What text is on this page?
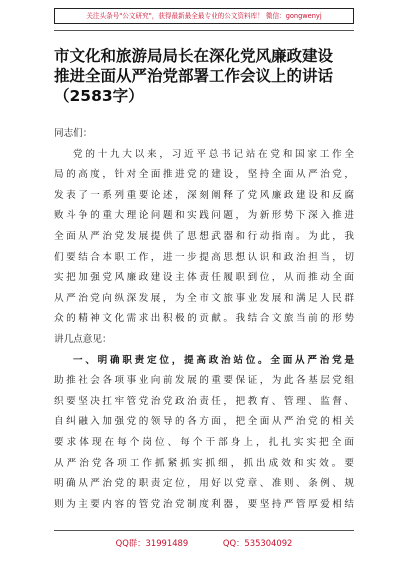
关注头条号"公文研究"，获得最新最全最专业的公文资料库！ 微信：gongwenyj
市文化和旅游局局长在深化党风廉政建设
推进全面从严治党部署工作会议上的讲话
（2583字）
同志们：
党的十九大以来，习近平总书记站在党和国家工作全
局的高度，针对全面推进党的建设，坚持全面从严治党，
发表了一系列重要论述，深刻阐释了党风廉政建设和反腐
败斗争的重大理论问题和实践问题，为新形势下深入推进
全面从严治党发展提供了思想武器和行动指南。为此，我
们要结合本职工作，进一步提高思想认识和政治担当，切
实把加强党风廉政建设主体责任履职到位，从而推动全面
从严治党向纵深发展，为全市文旅事业发展和满足人民群
众的精神文化需求出积极的贡献。我结合文旅当前的形势
讲几点意见：
一、明确职责定位，提高政治站位。全面从严治党是
助推社会各项事业向前发展的重要保证，为此各基层党组
织要坚决扛牢管党治党政治责任，把教育、管理、监督、
自纠融入加强党的领导的各方面，把全面从严治党的相关
要求体现在每个岗位、每个干部身上，扎扎实实把全面
从严治党各项工作抓紧抓实抓细，抓出成效和实效。要
明确从严治党的职责定位，用好以党章、准则、条例、规
则为主要内容的管党治党制度利器，要坚持严管厚爱相结
QQ群：31991489	QQ：535304092
